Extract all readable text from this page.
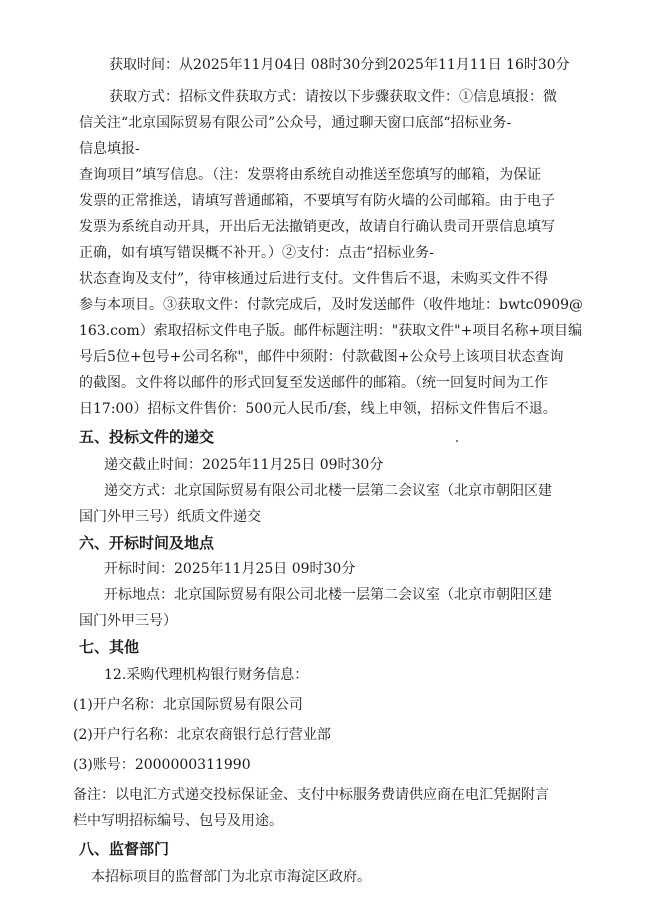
获取时间：从2025年11月04日 08时30分到2025年11月11日 16时30分
获取方式：招标文件获取方式：请按以下步骤获取文件：①信息填报：微
信关注“北京国际贸易有限公司”公众号，通过聊天窗口底部“招标业务-
信息填报-
查询项目”填写信息。（注：发票将由系统自动推送至您填写的邮箱，为保证
发票的正常推送，请填写普通邮箱，不要填写有防火墙的公司邮箱。由于电子
发票为系统自动开具，开出后无法撤销更改，故请自行确认贵司开票信息填写
正确，如有填写错误概不补开。）②支付：点击“招标业务-
状态查询及支付”，待审核通过后进行支付。文件售后不退，未购买文件不得
参与本项目。③获取文件：付款完成后，及时发送邮件（收件地址：bwtc0909@
163.com）索取招标文件电子版。邮件标题注明："获取文件"+项目名称+项目编
号后5位+包号+公司名称"，邮件中须附：付款截图+公众号上该项目状态查询
的截图。文件将以邮件的形式回复至发送邮件的邮箱。（统一回复时间为工作
日17:00）招标文件售价：500元人民币/套，线上申领，招标文件售后不退。
五、投标文件的递交
递交截止时间：2025年11月25日 09时30分
递交方式：北京国际贸易有限公司北楼一层第二会议室（北京市朝阳区建
国门外甲三号）纸质文件递交
六、开标时间及地点
开标时间：2025年11月25日 09时30分
开标地点：北京国际贸易有限公司北楼一层第二会议室（北京市朝阳区建
国门外甲三号）
七、其他
12.采购代理机构银行财务信息：
(1)开户名称：北京国际贸易有限公司
(2)开户行名称：北京农商银行总行营业部
(3)账号：2000000311990
备注：以电汇方式递交投标保证金、支付中标服务费请供应商在电汇凭据附言
栏中写明招标编号、包号及用途。
八、监督部门
本招标项目的监督部门为北京市海淀区政府。
